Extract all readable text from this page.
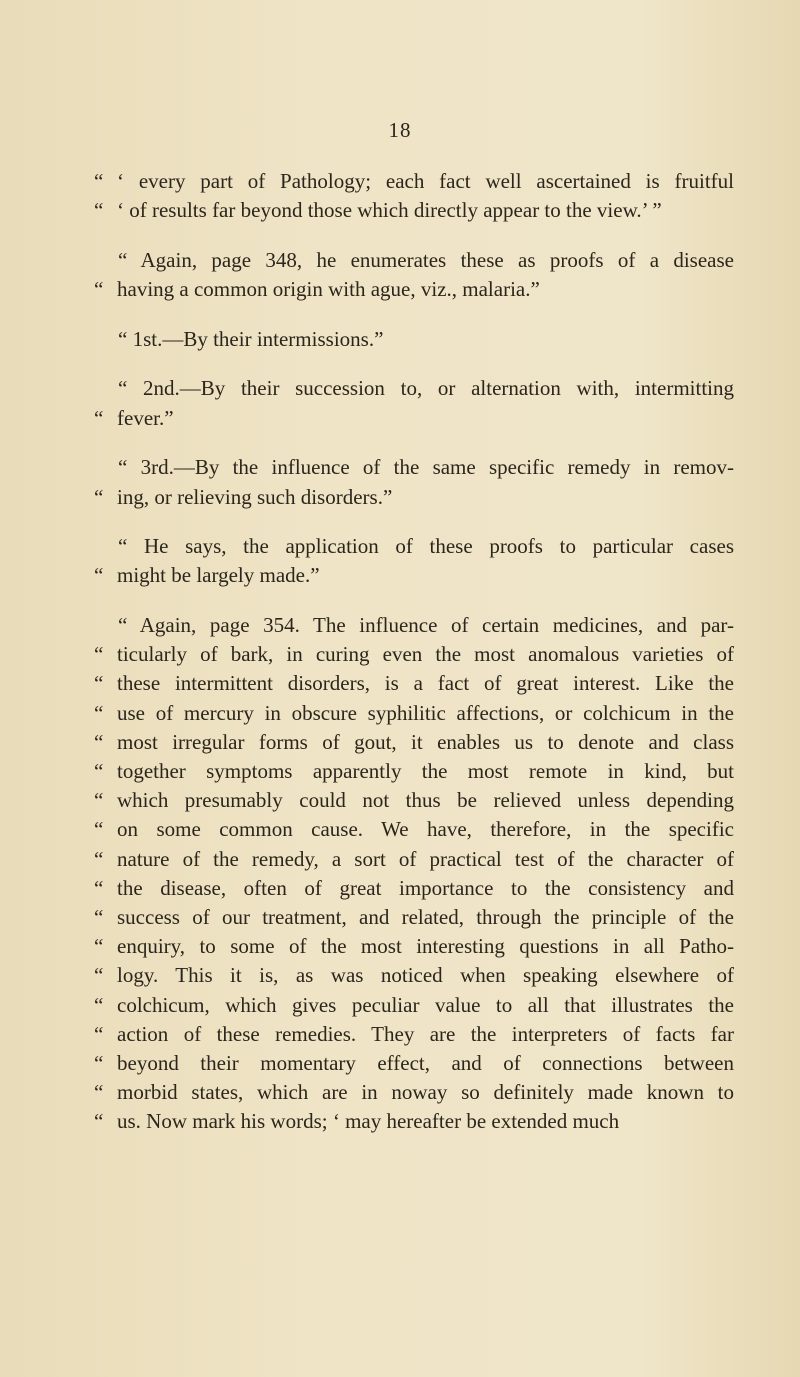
18
“ ‘ every part of Pathology; each fact well ascertained is fruitful
“ ‘ of results far beyond those which directly appear to the view.’ ”
“ Again, page 348, he enumerates these as proofs of a disease
“ having a common origin with ague, viz., malaria.”
“ 1st.—By their intermissions.”
“ 2nd.—By their succession to, or alternation with, intermitting
“ fever.”
“ 3rd.—By the influence of the same specific remedy in remov-
“ ing, or relieving such disorders.”
“ He says, the application of these proofs to particular cases
“ might be largely made.”
“ Again, page 354. The influence of certain medicines, and par-
“ ticularly of bark, in curing even the most anomalous varieties of
“ these intermittent disorders, is a fact of great interest. Like the
“ use of mercury in obscure syphilitic affections, or colchicum in the
“ most irregular forms of gout, it enables us to denote and class
“ together symptoms apparently the most remote in kind, but
“ which presumably could not thus be relieved unless depending
“ on some common cause. We have, therefore, in the specific
“ nature of the remedy, a sort of practical test of the character of
“ the disease, often of great importance to the consistency and
“ success of our treatment, and related, through the principle of the
“ enquiry, to some of the most interesting questions in all Patho-
“ logy. This it is, as was noticed when speaking elsewhere of
“ colchicum, which gives peculiar value to all that illustrates the
“ action of these remedies. They are the interpreters of facts far
“ beyond their momentary effect, and of connections between
“ morbid states, which are in noway so definitely made known to
“ us. Now mark his words; ‘ may hereafter be extended much
